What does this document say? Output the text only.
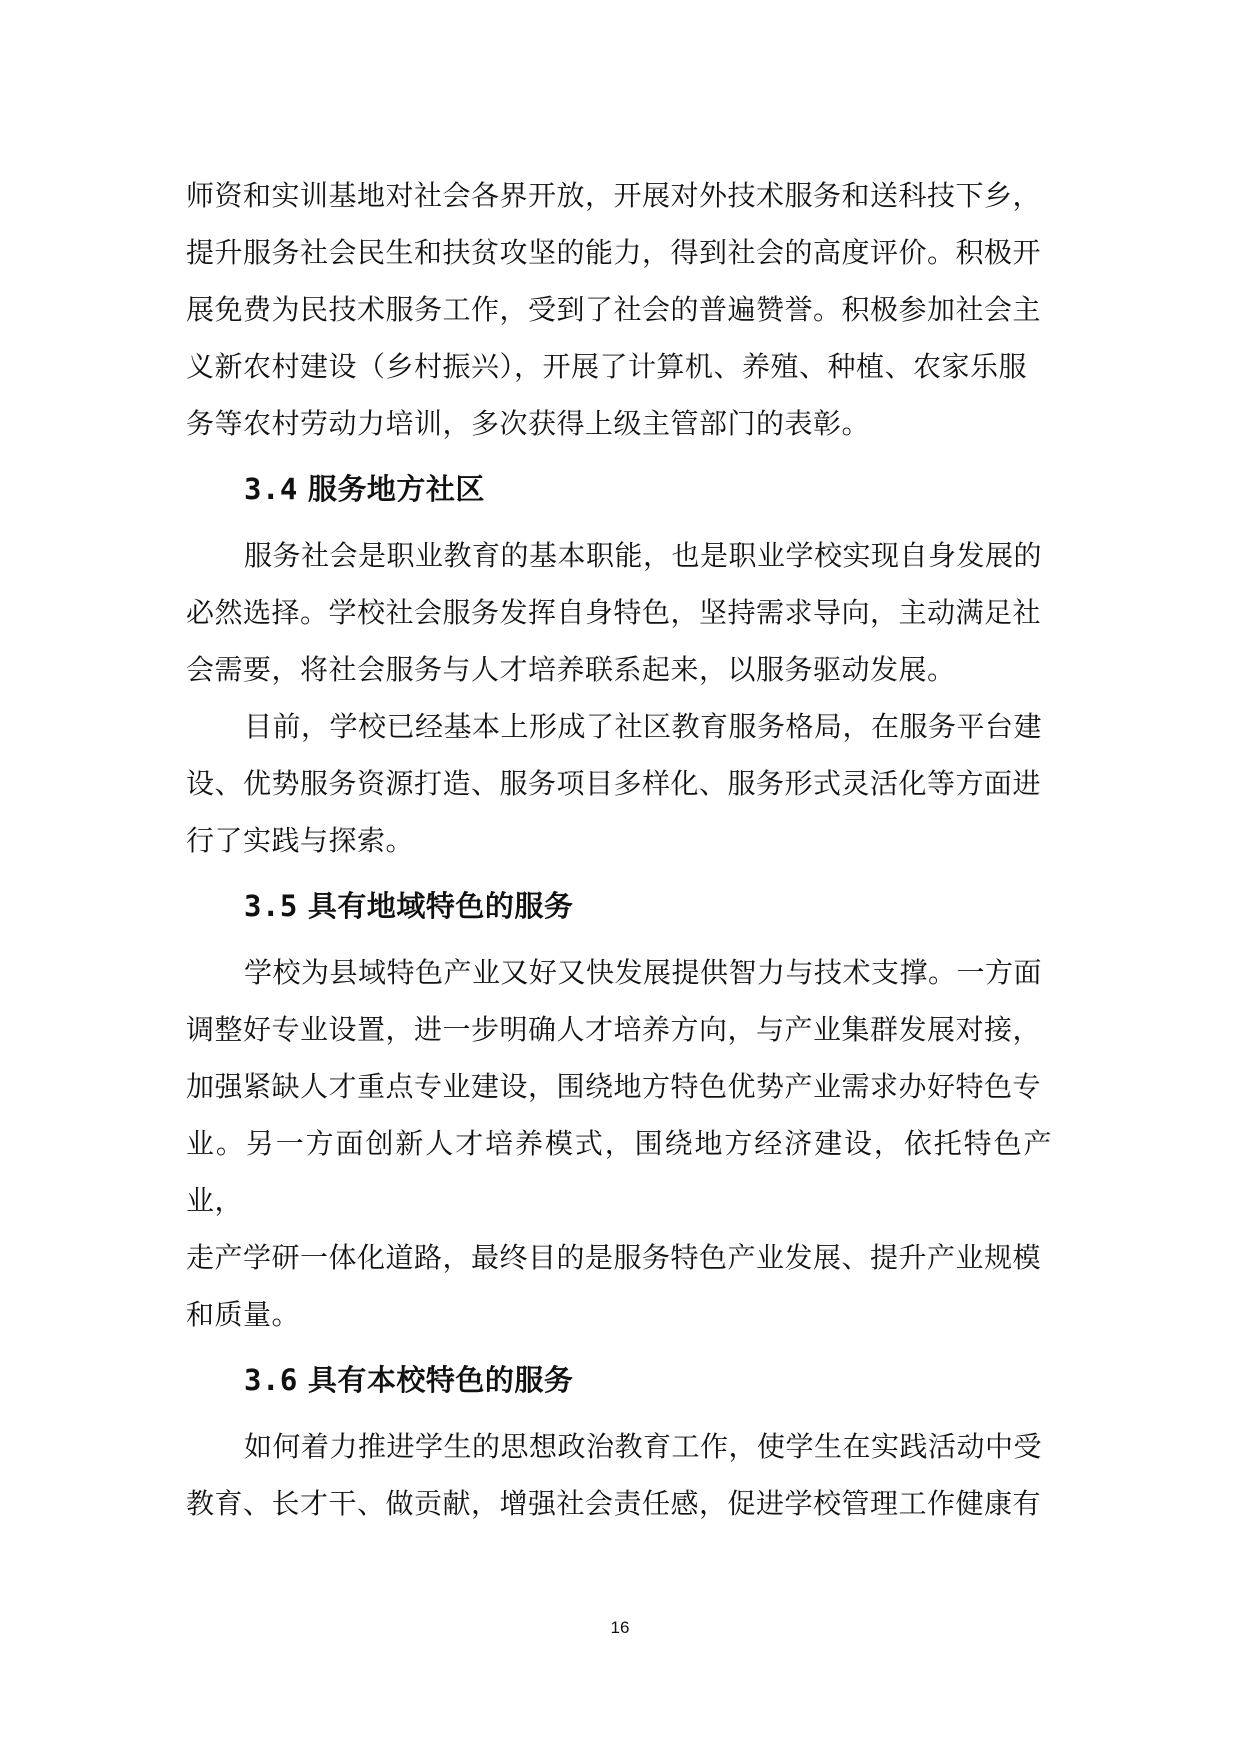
师资和实训基地对社会各界开放，开展对外技术服务和送科技下乡，
提升服务社会民生和扶贫攻坚的能力，得到社会的高度评价。积极开
展免费为民技术服务工作，受到了社会的普遍赞誉。积极参加社会主
义新农村建设（乡村振兴），开展了计算机、养殖、种植、农家乐服
务等农村劳动力培训，多次获得上级主管部门的表彰。
3.4 服务地方社区
服务社会是职业教育的基本职能，也是职业学校实现自身发展的
必然选择。学校社会服务发挥自身特色，坚持需求导向，主动满足社
会需要，将社会服务与人才培养联系起来，以服务驱动发展。
目前，学校已经基本上形成了社区教育服务格局，在服务平台建
设、优势服务资源打造、服务项目多样化、服务形式灵活化等方面进
行了实践与探索。
3.5 具有地域特色的服务
学校为县域特色产业又好又快发展提供智力与技术支撑。一方面
调整好专业设置，进一步明确人才培养方向，与产业集群发展对接，
加强紧缺人才重点专业建设，围绕地方特色优势产业需求办好特色专
业。另一方面创新人才培养模式，围绕地方经济建设，依托特色产业，
走产学研一体化道路，最终目的是服务特色产业发展、提升产业规模
和质量。
3.6 具有本校特色的服务
如何着力推进学生的思想政治教育工作，使学生在实践活动中受
教育、长才干、做贡献，增强社会责任感，促进学校管理工作健康有
16
